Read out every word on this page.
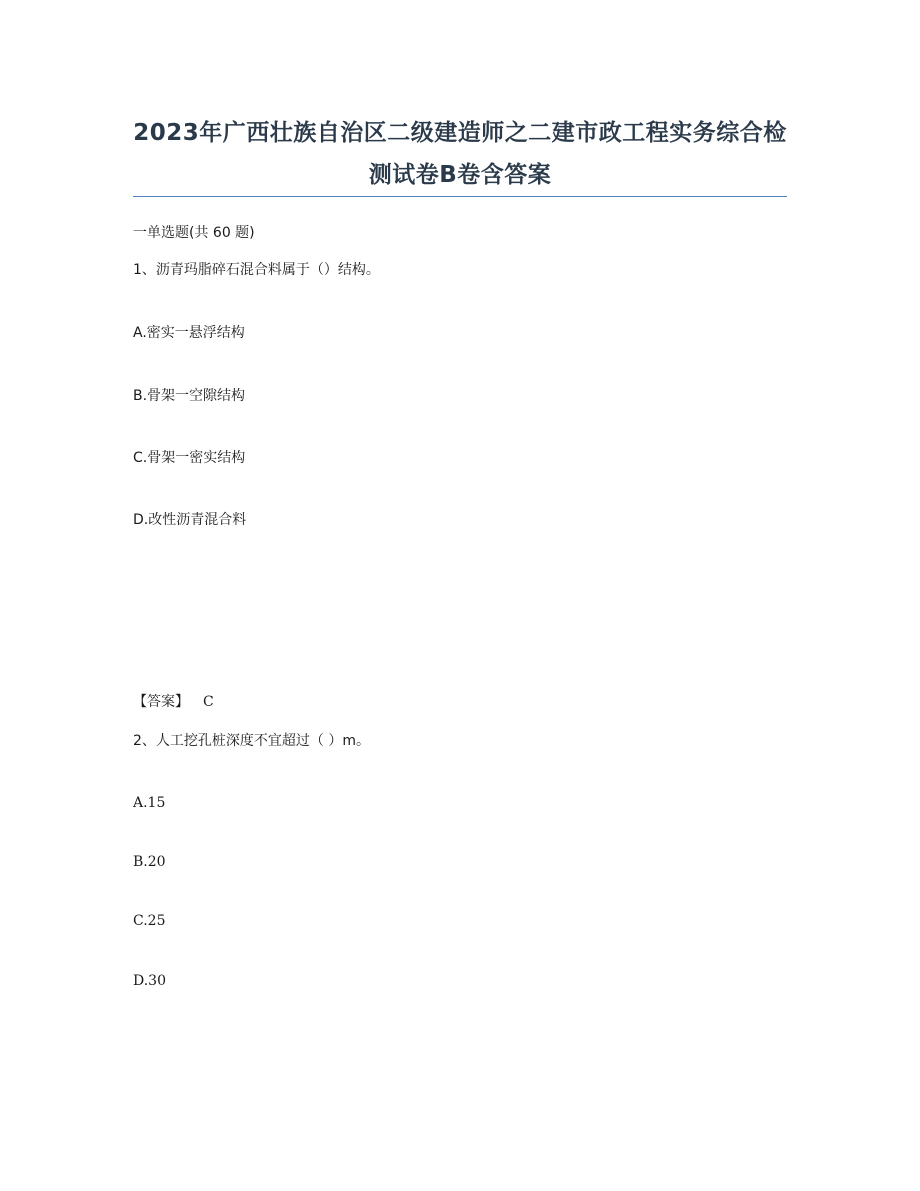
2023年广西壮族自治区二级建造师之二建市政工程实务综合检测试卷B卷含答案
一单选题(共 60 题)
1、沥青玛脂碎石混合料属于（）结构。
A.密实一悬浮结构
B.骨架一空隙结构
C.骨架一密实结构
D.改性沥青混合料
【答案】 C
2、人工挖孔桩深度不宜超过（ ）m。
A.15
B.20
C.25
D.30
